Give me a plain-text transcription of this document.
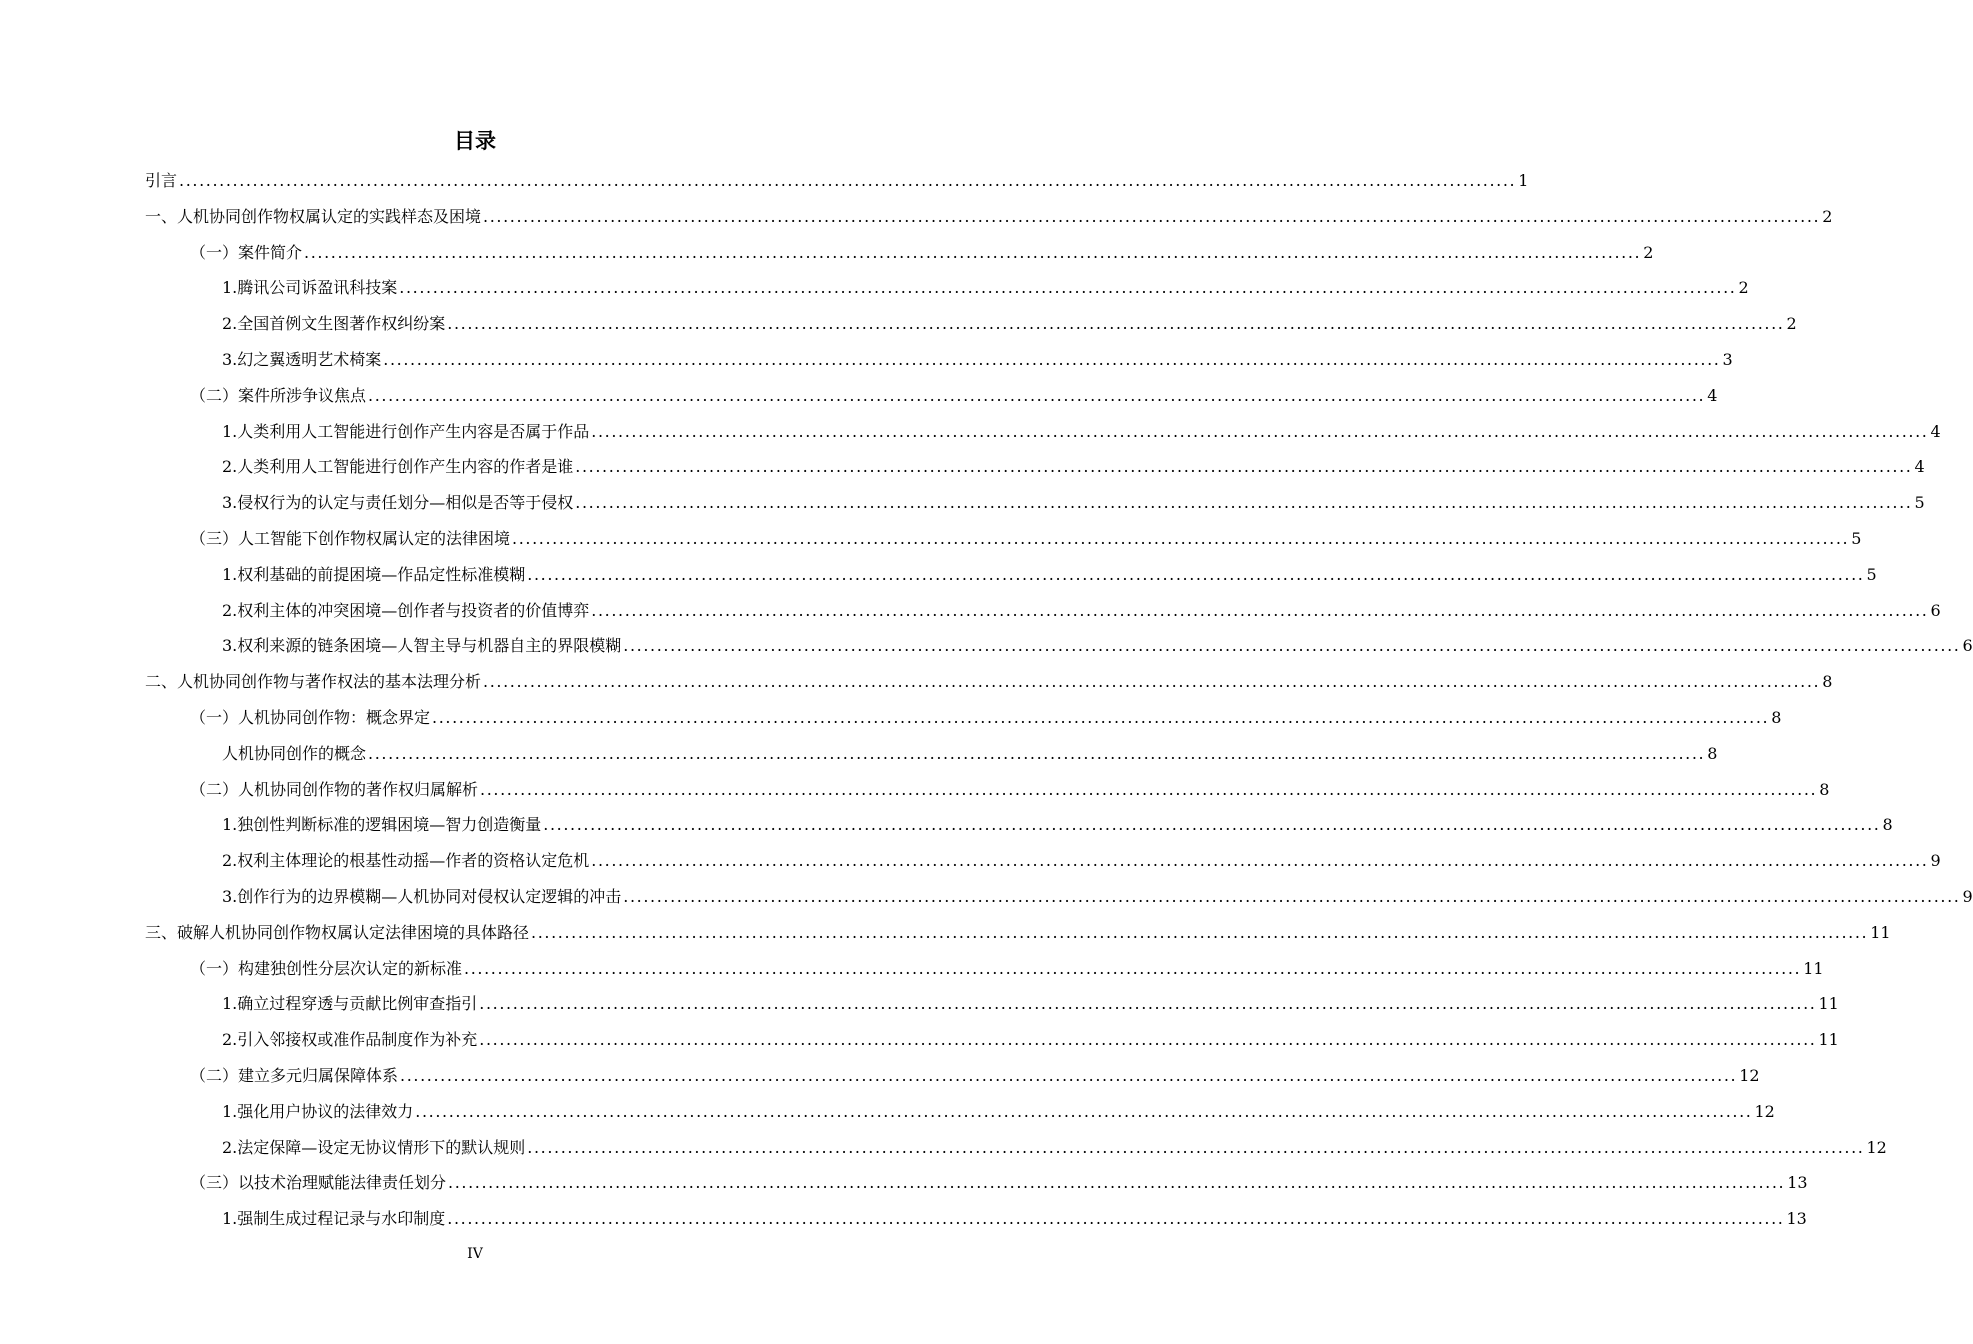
目录
引言 ........................................................................................................................................................................................................ 1
一、 人机协同创作物权属认定的实践样态及困境 ........................................................................................................................................................................................................ 2
（一） 案件简介 ........................................................................................................................................................................................................ 2
1. 腾讯公司诉盈讯科技案 ........................................................................................................................................................................................................ 2
2. 全国首例文生图著作权纠纷案 ........................................................................................................................................................................................................ 2
3. 幻之翼透明艺术椅案 ........................................................................................................................................................................................................ 3
（二） 案件所涉争议焦点 ........................................................................................................................................................................................................ 4
1. 人类利用人工智能进行创作产生内容是否属于作品 ........................................................................................................................................................................................................ 4
2. 人类利用人工智能进行创作产生内容的作者是谁 ........................................................................................................................................................................................................ 4
3. 侵权行为的认定与责任划分—相似是否等于侵权 ........................................................................................................................................................................................................ 5
（三） 人工智能下创作物权属认定的法律困境 ........................................................................................................................................................................................................ 5
1. 权利基础的前提困境—作品定性标准模糊 ........................................................................................................................................................................................................ 5
2. 权利主体的冲突困境—创作者与投资者的价值博弈 ........................................................................................................................................................................................................ 6
3. 权利来源的链条困境—人智主导与机器自主的界限模糊 ........................................................................................................................................................................................................ 6
二、 人机协同创作物与著作权法的基本法理分析 ........................................................................................................................................................................................................ 8
（一） 人机协同创作物：概念界定 ........................................................................................................................................................................................................ 8
人机协同创作的概念 ........................................................................................................................................................................................................ 8
（二） 人机协同创作物的著作权归属解析 ........................................................................................................................................................................................................ 8
1. 独创性判断标准的逻辑困境—智力创造衡量 ........................................................................................................................................................................................................ 8
2. 权利主体理论的根基性动摇—作者的资格认定危机 ........................................................................................................................................................................................................ 9
3. 创作行为的边界模糊—人机协同对侵权认定逻辑的冲击 ........................................................................................................................................................................................................ 9
三、 破解人机协同创作物权属认定法律困境的具体路径 ........................................................................................................................................................................................................ 11
（一） 构建独创性分层次认定的新标准 ........................................................................................................................................................................................................ 11
1. 确立过程穿透与贡献比例审查指引 ........................................................................................................................................................................................................ 11
2. 引入邻接权或准作品制度作为补充 ........................................................................................................................................................................................................ 11
（二） 建立多元归属保障体系 ........................................................................................................................................................................................................ 12
1. 强化用户协议的法律效力 ........................................................................................................................................................................................................ 12
2. 法定保障—设定无协议情形下的默认规则 ........................................................................................................................................................................................................ 12
（三） 以技术治理赋能法律责任划分 ........................................................................................................................................................................................................ 13
1. 强制生成过程记录与水印制度 ........................................................................................................................................................................................................ 13
IV
